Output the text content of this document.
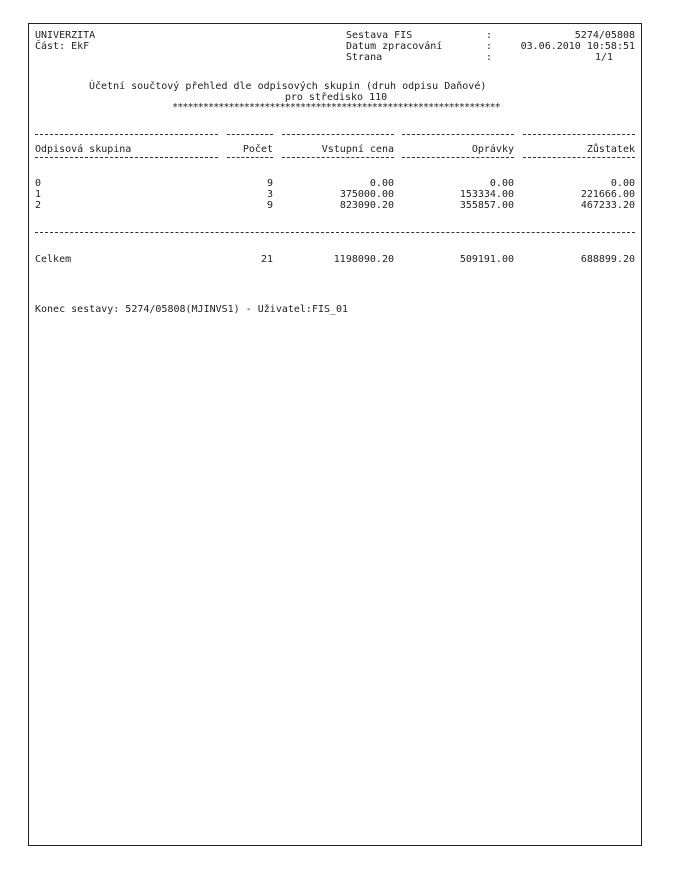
UNIVERZITA
Část: EkF
Sestava FIS	:	5274/05808
Datum zpracování	:	03.06.2010 10:58:51
Strana	:	1/1
Účetní součtový přehled dle odpisových skupin (druh odpisu Daňové)
pro středisko 110
****************************************************************
Odpisová skupina	Počet	Vstupní cena	Oprávky	Zůstatek
0	9	0.00	0.00	0.00
1	3	375000.00	153334.00	221666.00
2	9	823090.20	355857.00	467233.20
Celkem	21	1198090.20	509191.00	688899.20
Konec sestavy: 5274/05808(MJINVS1) - Uživatel:FIS_01
